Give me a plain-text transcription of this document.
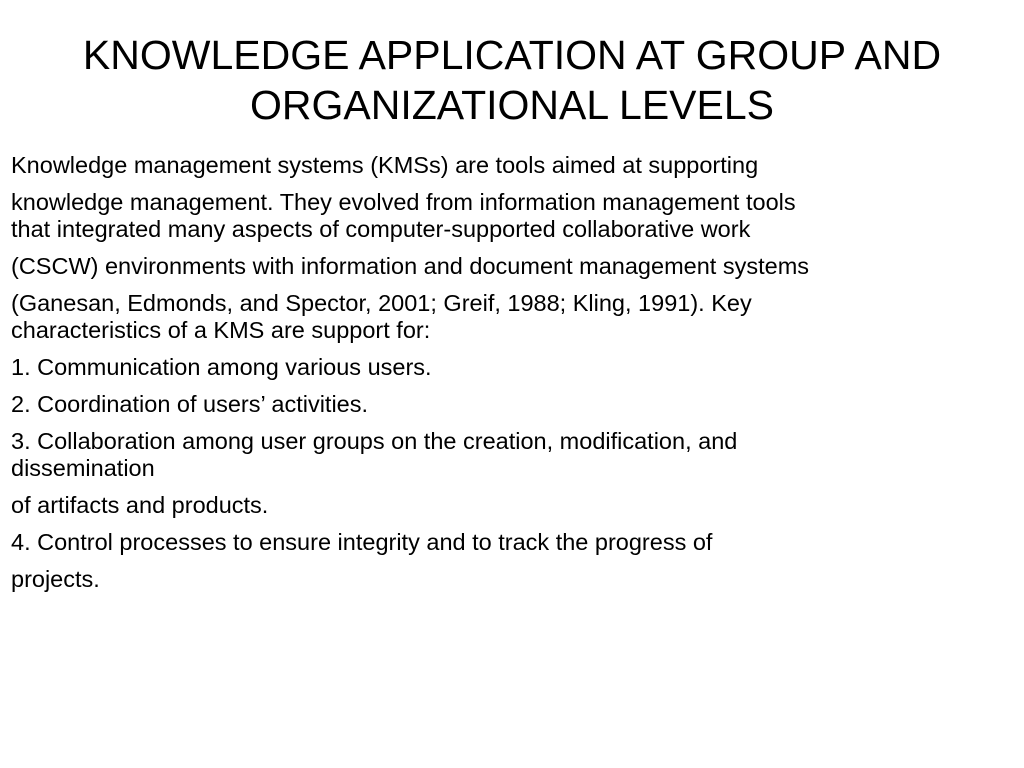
KNOWLEDGE APPLICATION AT GROUP AND ORGANIZATIONAL LEVELS

Knowledge management systems (KMSs) are tools aimed at supporting

knowledge management. They evolved from information management tools
that integrated many aspects of computer-supported collaborative work

(CSCW) environments with information and document management systems

(Ganesan, Edmonds, and Spector, 2001; Greif, 1988; Kling, 1991). Key
characteristics of a KMS are support for:

1. Communication among various users.

2. Coordination of users’ activities.

3. Collaboration among user groups on the creation, modification, and
dissemination

of artifacts and products.

4. Control processes to ensure integrity and to track the progress of

projects.
